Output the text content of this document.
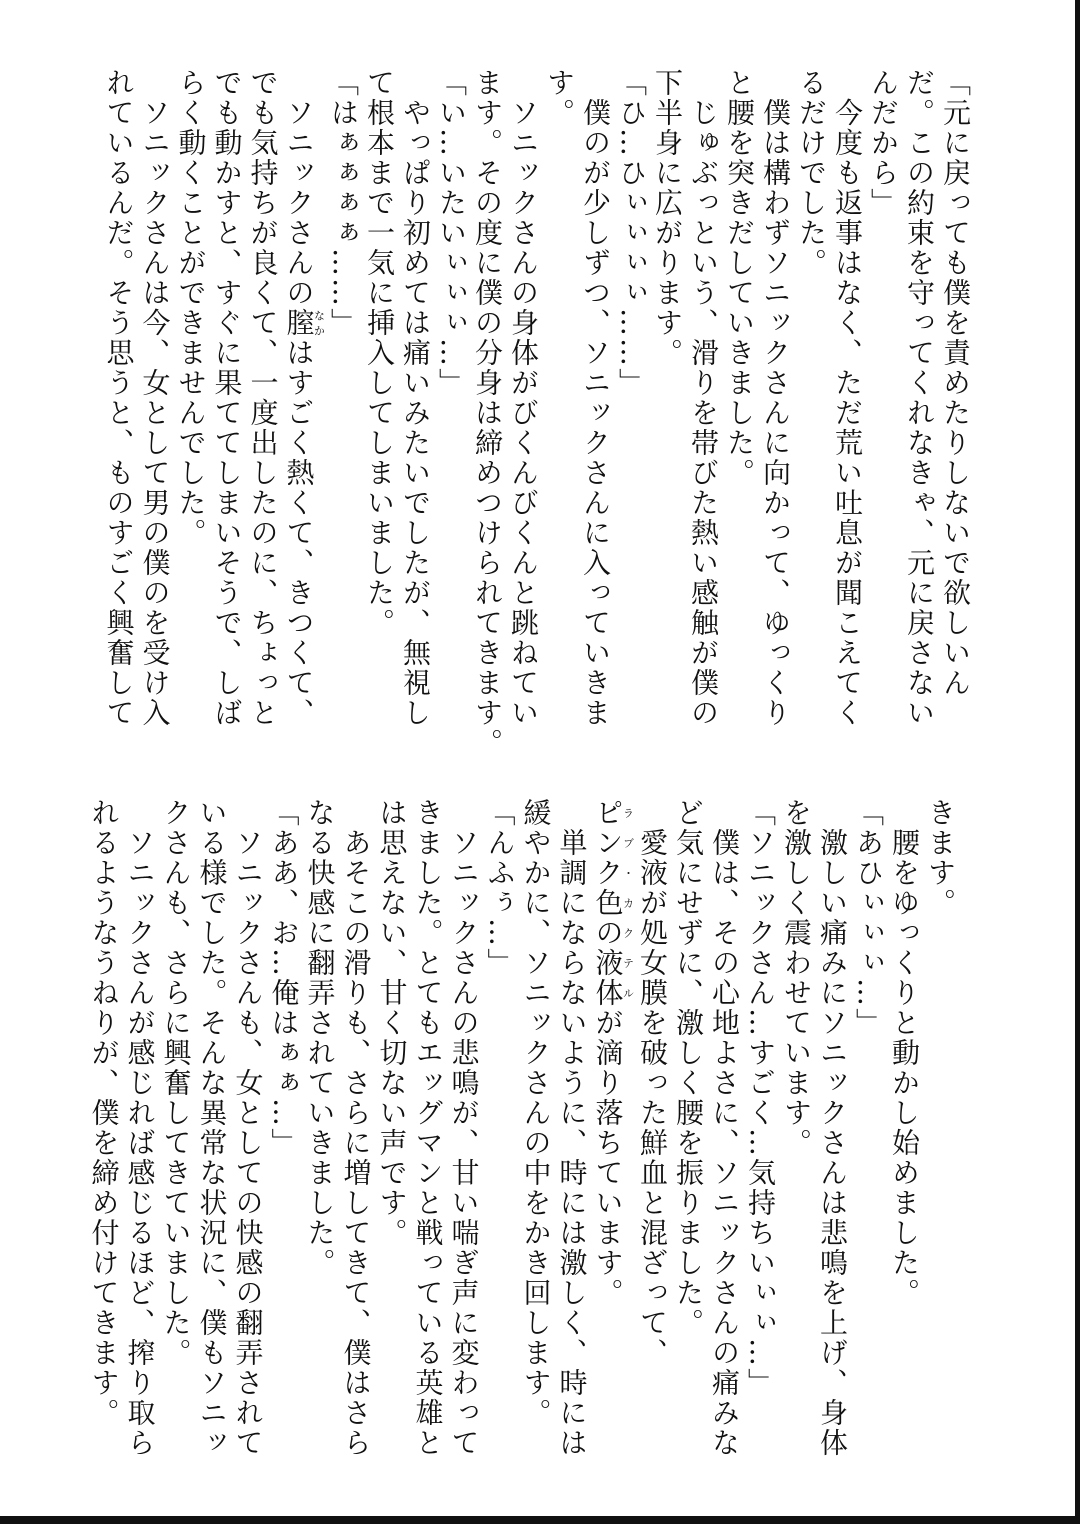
「元に戻っても僕を責めたりしないで欲しいん
だ。この約束を守ってくれなきゃ、元に戻さない
んだから」
　今度も返事はなく、ただ荒い吐息が聞こえてく
るだけでした。
　僕は構わずソニックさんに向かって、ゆっくり
と腰を突きだしていきました。
　じゅぶっという、滑りを帯びた熱い感触が僕の
下半身に広がります。
「ひ…ひぃぃぃぃ……」
　僕のが少しずつ、ソニックさんに入っていきま
す。
　ソニックさんの身体がびくんびくんと跳ねてい
ます。その度に僕の分身は締めつけられてきます。
「い…いたいぃぃぃ…」
　やっぱり初めては痛いみたいでしたが、無視し
て根本まで一気に挿入してしまいました。
「はぁぁぁぁ……」
　ソニックさんの膣なかはすごく熱くて、きつくて、
でも気持ちが良くて、一度出したのに、ちょっと
でも動かすと、すぐに果ててしまいそうで、しば
らく動くことができませんでした。
　ソニックさんは今、女として男の僕のを受け入
れているんだ。そう思うと、ものすごく興奮して
きます。
　腰をゆっくりと動かし始めました。
「あひぃぃぃ…」
　激しい痛みにソニックさんは悲鳴を上げ、身体
を激しく震わせています。
「ソニックさん…すごく…気持ちいぃぃ…」
　僕は、その心地よさに、ソニックさんの痛みな
ど気にせずに、激しく腰を振りました。
　愛液が処女膜を破った鮮血と混ざって、
ピンク色の液体ラブ・カクテルが滴り落ちています。
　単調にならないように、時には激しく、時には
緩やかに、ソニックさんの中をかき回します。
「んふぅ…」
　ソニックさんの悲鳴が、甘い喘ぎ声に変わって
きました。とてもエッグマンと戦っている英雄と
は思えない、甘く切ない声です。
　あそこの滑りも、さらに増してきて、僕はさら
なる快感に翻弄されていきました。
「ああ、お…俺はぁぁ…」
　ソニックさんも、女としての快感の翻弄されて
いる様でした。そんな異常な状況に、僕もソニッ
クさんも、さらに興奮してきていました。
　ソニックさんが感じれば感じるほど、搾り取ら
れるようなうねりが、僕を締め付けてきます。
